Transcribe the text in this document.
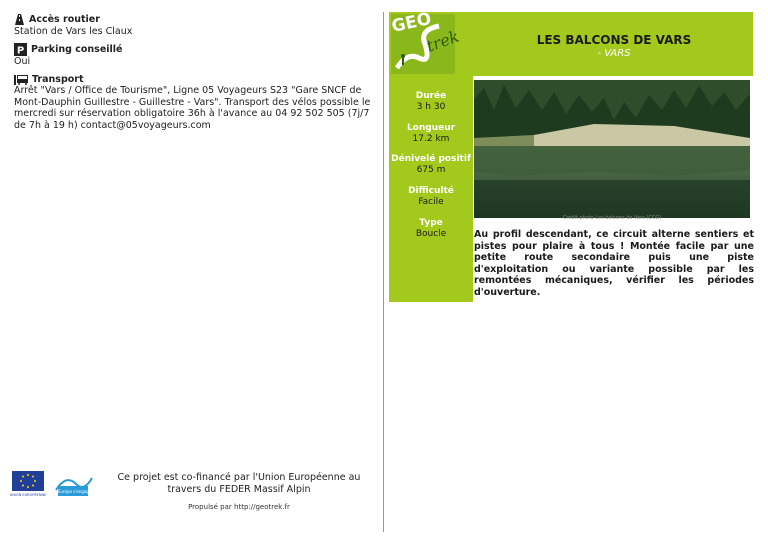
Accès routier
Station de Vars les Claux
P Parking conseillé
Oui
Transport
Arrêt "Vars / Office de Tourisme", Ligne 05 Voyageurs S23 "Gare SNCF de Mont-Dauphin Guillestre - Guillestre - Vars". Transport des vélos possible le mercredi sur réservation obligatoire 36h à l'avance au 04 92 502 505 (7j/7 de 7h à 19 h) contact@05voyageurs.com
UNION EUROPÉENNE
L'Europe s'engage
Ce projet est co-financé par l'Union Européenne au travers du FEDER Massif Alpin
Propulsé par http://geotrek.fr
GEO
trek	LES BALCONS DE VARS
- VARS
Durée
3 h 30
Longueur
17.2 km
Dénivelé positif
675 m
Difficulté
Facile
Type
Boucle
Crédit photo Les balcons de Vars (CCG)
Au profil descendant, ce circuit alterne sentiers et pistes pour plaire à tous ! Montée facile par une petite route secondaire puis une piste d'exploitation ou variante possible par les remontées mécaniques, vérifier les périodes d'ouverture.
